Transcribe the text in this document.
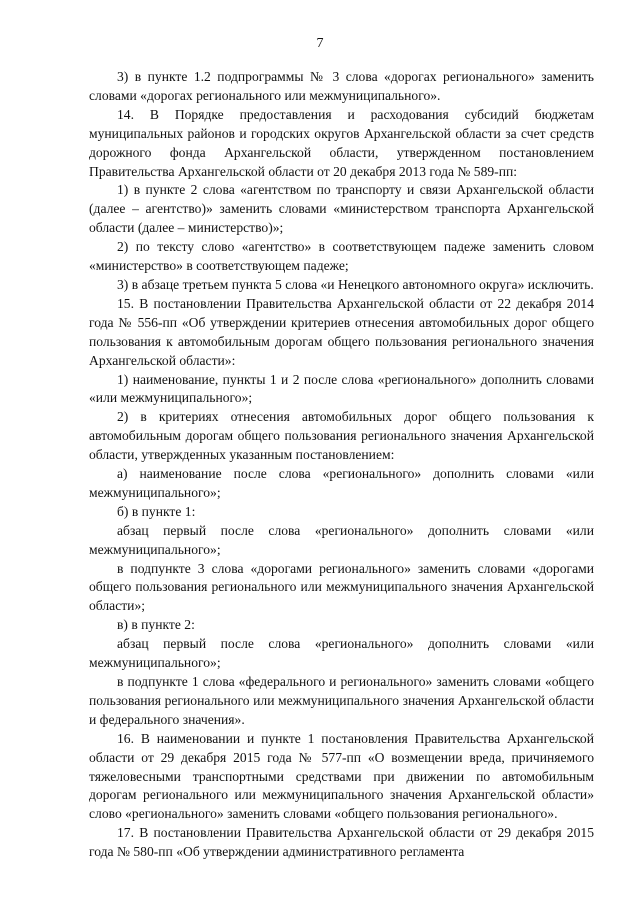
7

3) в пункте 1.2 подпрограммы № 3 слова «дорогах регионального» заменить словами «дорогах регионального или межмуниципального».

14. В Порядке предоставления и расходования субсидий бюджетам муниципальных районов и городских округов Архангельской области за счет средств дорожного фонда Архангельской области, утвержденном постановлением Правительства Архангельской области от 20 декабря 2013 года № 589-пп:

1) в пункте 2 слова «агентством по транспорту и связи Архангельской области (далее – агентство)» заменить словами «министерством транспорта Архангельской области (далее – министерство)»;

2) по тексту слово «агентство» в соответствующем падеже заменить словом «министерство» в соответствующем падеже;

3) в абзаце третьем пункта 5 слова «и Ненецкого автономного округа» исключить.

15. В постановлении Правительства Архангельской области от 22 декабря 2014 года № 556-пп «Об утверждении критериев отнесения автомобильных дорог общего пользования к автомобильным дорогам общего пользования регионального значения Архангельской области»:

1) наименование, пункты 1 и 2 после слова «регионального» дополнить словами «или межмуниципального»;

2) в критериях отнесения автомобильных дорог общего пользования к автомобильным дорогам общего пользования регионального значения Архангельской области, утвержденных указанным постановлением:

а) наименование после слова «регионального» дополнить словами «или межмуниципального»;

б) в пункте 1:

абзац первый после слова «регионального» дополнить словами «или межмуниципального»;

в подпункте 3 слова «дорогами регионального» заменить словами «дорогами общего пользования регионального или межмуниципального значения Архангельской области»;

в) в пункте 2:

абзац первый после слова «регионального» дополнить словами «или межмуниципального»;

в подпункте 1 слова «федерального и регионального» заменить словами «общего пользования регионального или межмуниципального значения Архангельской области и федерального значения».

16. В наименовании и пункте 1 постановления Правительства Архангельской области от 29 декабря 2015 года № 577-пп «О возмещении вреда, причиняемого тяжеловесными транспортными средствами при движении по автомобильным дорогам регионального или межмуниципального значения Архангельской области» слово «регионального» заменить словами «общего пользования регионального».

17. В постановлении Правительства Архангельской области от 29 декабря 2015 года № 580-пп «Об утверждении административного регламента
